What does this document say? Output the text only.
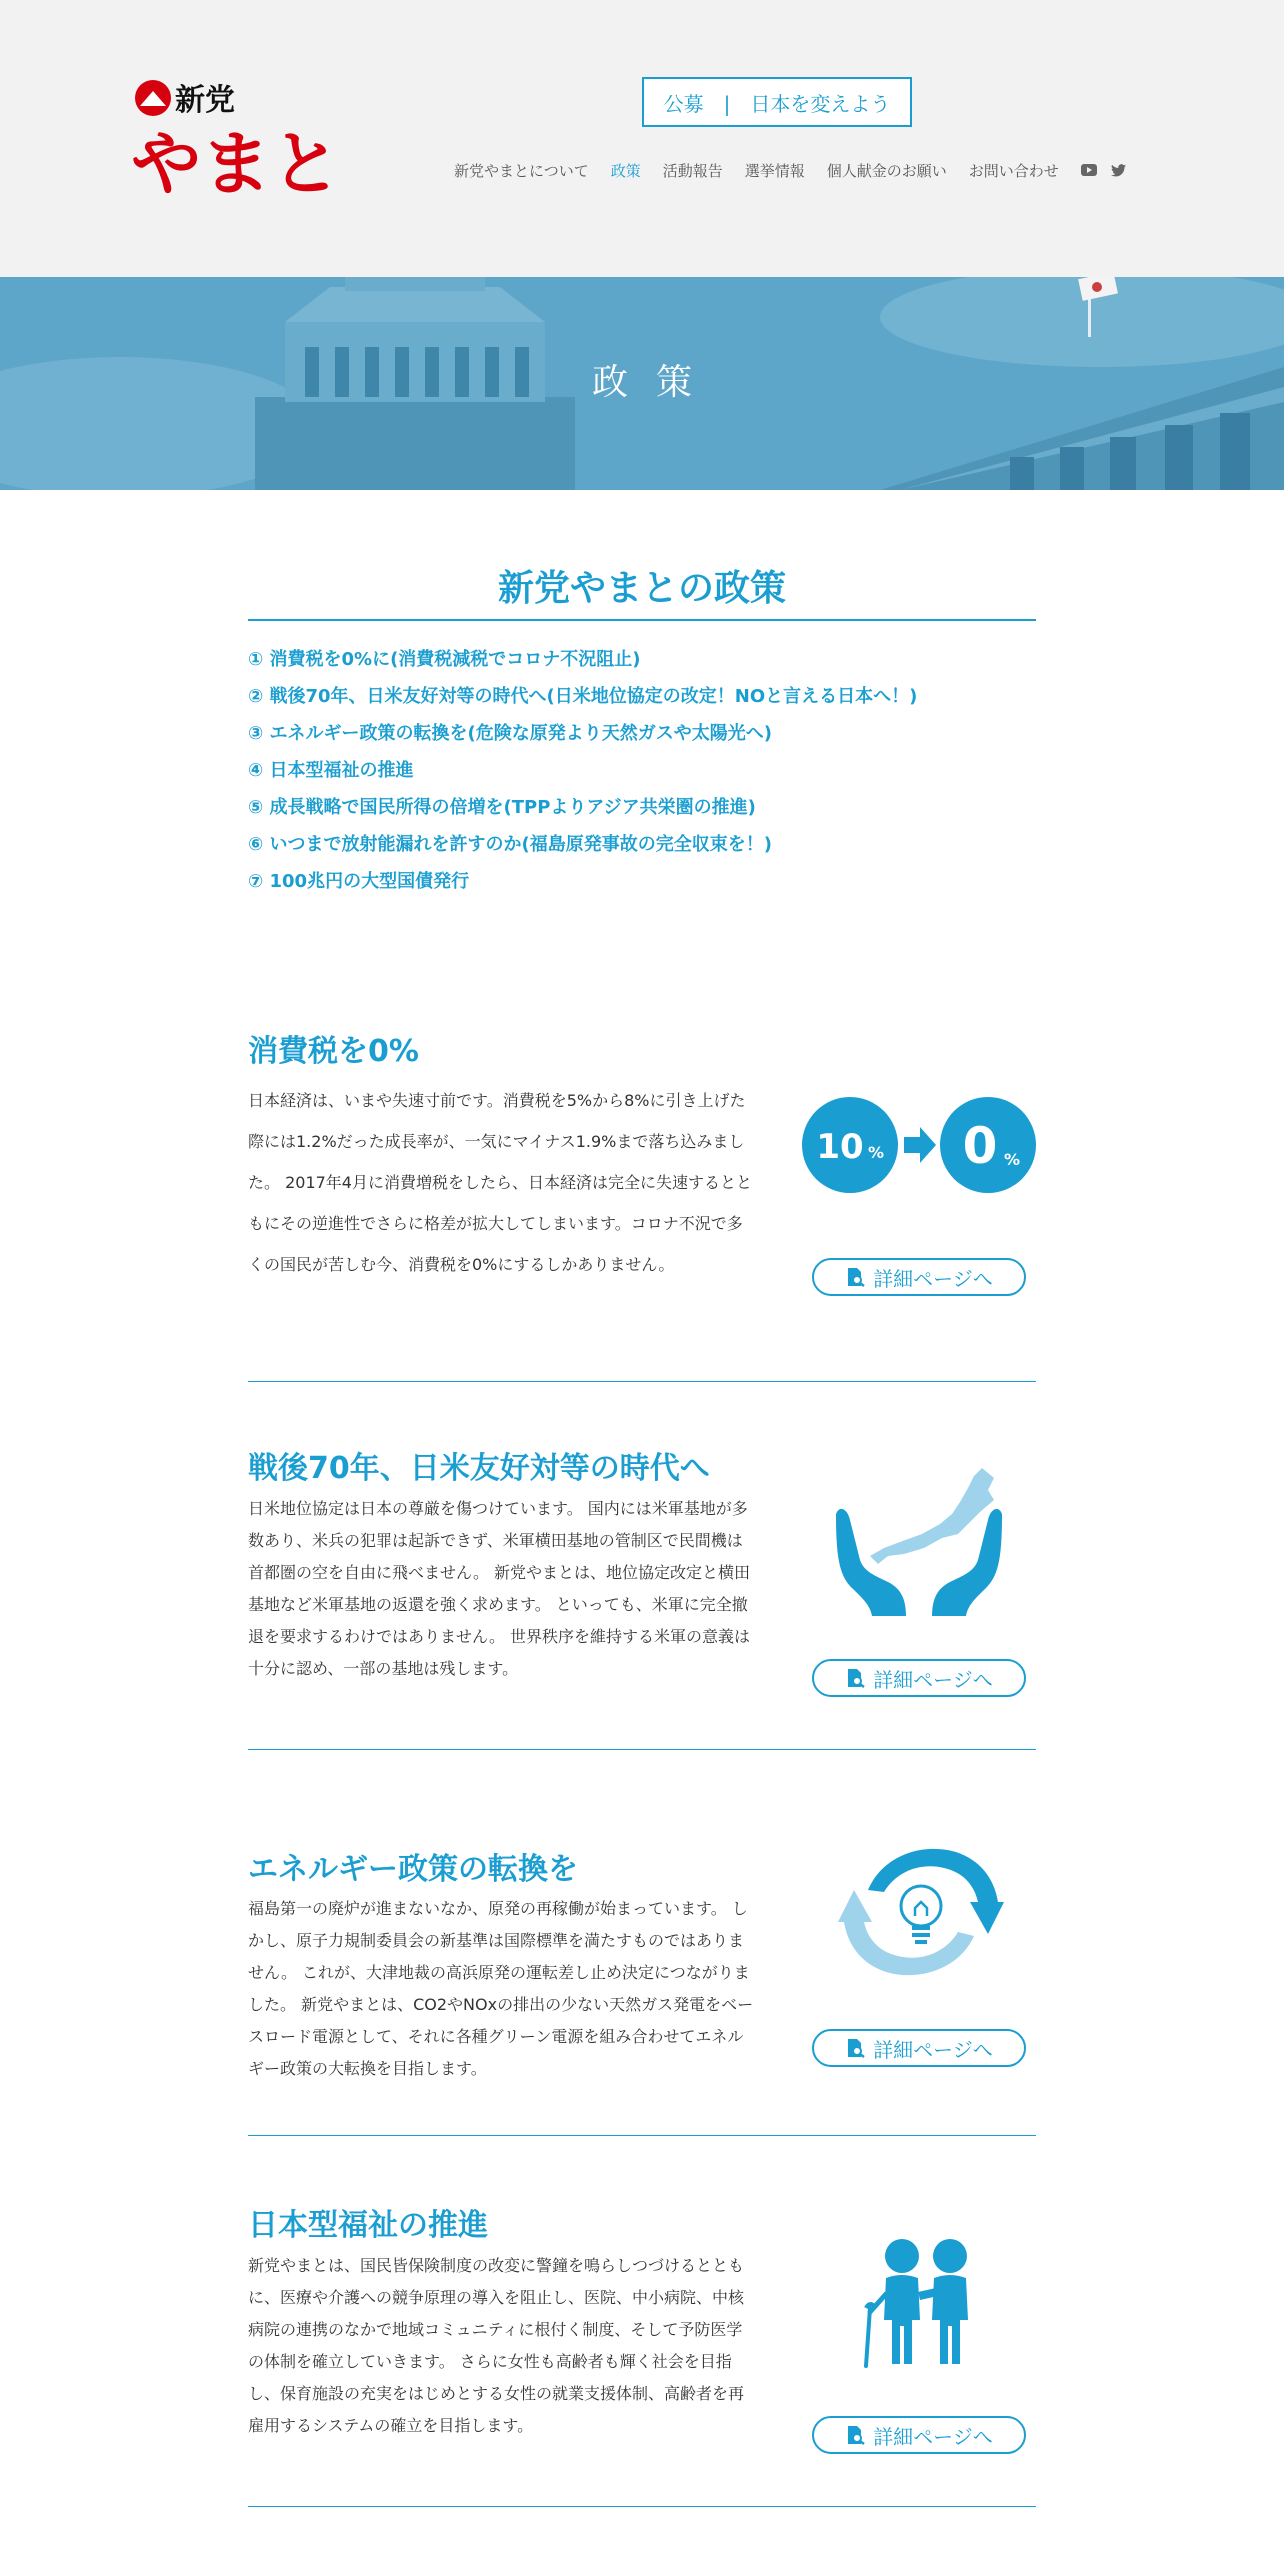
新党
やまと
公募　|　日本を変えよう
新党やまとについて 政策 活動報告 選挙情報 個人献金のお願い お問い合わせ
政策
新党やまとの政策
① 消費税を0%に(消費税減税でコロナ不況阻止)
② 戦後70年、日米友好対等の時代へ(日米地位協定の改定！NOと言える日本へ！)
③ エネルギー政策の転換を(危険な原発より天然ガスや太陽光へ)
④ 日本型福祉の推進
⑤ 成長戦略で国民所得の倍増を(TPPよりアジア共栄圏の推進)
⑥ いつまで放射能漏れを許すのか(福島原発事故の完全収束を！)
⑦ 100兆円の大型国債発行
消費税を0%

日本経済は、いまや失速寸前です。消費税を5%から8%に引き上げた際には1.2%だった成長率が、一気にマイナス1.9%まで落ち込みました。 2017年4月に消費増税をしたら、日本経済は完全に失速するとともにその逆進性でさらに格差が拡大してしまいます。コロナ不況で多くの国民が苦しむ今、消費税を0%にするしかありません。

10 % 0 %
詳細ページへ
戦後70年、日米友好対等の時代へ

日米地位協定は日本の尊厳を傷つけています。 国内には米軍基地が多数あり、米兵の犯罪は起訴できず、米軍横田基地の管制区で民間機は首都圏の空を自由に飛べません。 新党やまとは、地位協定改定と横田基地など米軍基地の返還を強く求めます。 といっても、米軍に完全撤退を要求するわけではありません。 世界秩序を維持する米軍の意義は十分に認め、一部の基地は残します。	詳細ページへ
エネルギー政策の転換を

福島第一の廃炉が進まないなか、原発の再稼働が始まっています。 しかし、原子力規制委員会の新基準は国際標準を満たすものではありません。 これが、大津地裁の高浜原発の運転差し止め決定につながりました。 新党やまとは、CO2やNOxの排出の少ない天然ガス発電をベースロード電源として、それに各種グリーン電源を組み合わせてエネルギー政策の大転換を目指します。

詳細ページへ
日本型福祉の推進

新党やまとは、国民皆保険制度の改変に警鐘を鳴らしつづけるとともに、医療や介護への競争原理の導入を阻止し、医院、中小病院、中核病院の連携のなかで地域コミュニティに根付く制度、そして予防医学の体制を確立していきます。 さらに女性も高齢者も輝く社会を目指し、保育施設の充実をはじめとする女性の就業支援体制、高齢者を再雇用するシステムの確立を目指します。	詳細ページへ
